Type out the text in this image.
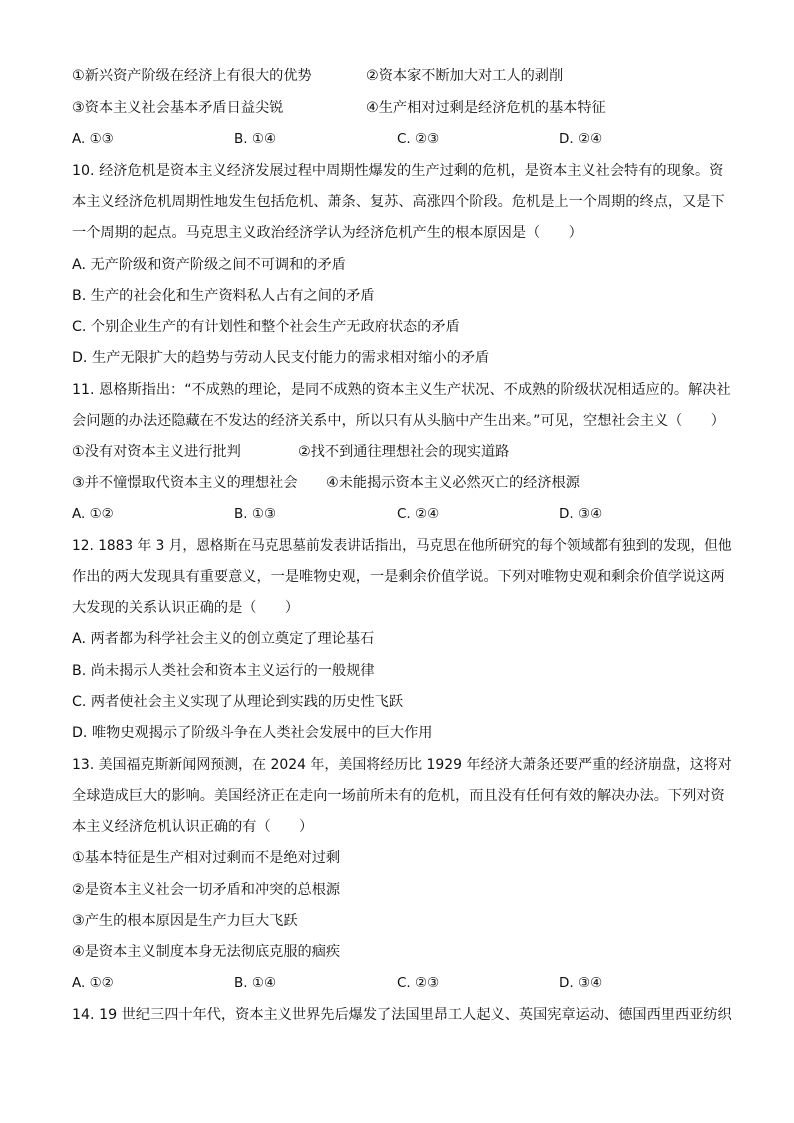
①新兴资产阶级在经济上有很大的优势	②资本家不断加大对工人的剥削
③资本主义社会基本矛盾日益尖锐	④生产相对过剩是经济危机的基本特征
A. ①③	B. ①④	C. ②③	D. ②④
10. 经济危机是资本主义经济发展过程中周期性爆发的生产过剩的危机，是资本主义社会特有的现象。资
本主义经济危机周期性地发生包括危机、萧条、复苏、高涨四个阶段。危机是上一个周期的终点，又是下
一个周期的起点。马克思主义政治经济学认为经济危机产生的根本原因是（　　）
A. 无产阶级和资产阶级之间不可调和的矛盾
B. 生产的社会化和生产资料私人占有之间的矛盾
C. 个别企业生产的有计划性和整个社会生产无政府状态的矛盾
D. 生产无限扩大的趋势与劳动人民支付能力的需求相对缩小的矛盾
11. 恩格斯指出：“不成熟的理论，是同不成熟的资本主义生产状况、不成熟的阶级状况相适应的。解决社
会问题的办法还隐藏在不发达的经济关系中，所以只有从头脑中产生出来。”可见，空想社会主义（　　）
①没有对资本主义进行批判	②找不到通往理想社会的现实道路
③并不憧憬取代资本主义的理想社会 ④未能揭示资本主义必然灭亡的经济根源
A. ①②	B. ①③	C. ②④	D. ③④
12. 1883 年 3 月，恩格斯在马克思墓前发表讲话指出，马克思在他所研究的每个领域都有独到的发现，但他
作出的两大发现具有重要意义，一是唯物史观，一是剩余价值学说。下列对唯物史观和剩余价值学说这两
大发现的关系认识正确的是（　　）
A. 两者都为科学社会主义的创立奠定了理论基石
B. 尚未揭示人类社会和资本主义运行的一般规律
C. 两者使社会主义实现了从理论到实践的历史性飞跃
D. 唯物史观揭示了阶级斗争在人类社会发展中的巨大作用
13. 美国福克斯新闻网预测，在 2024 年，美国将经历比 1929 年经济大萧条还要严重的经济崩盘，这将对
全球造成巨大的影响。美国经济正在走向一场前所未有的危机，而且没有任何有效的解决办法。下列对资
本主义经济危机认识正确的有（　　）
①基本特征是生产相对过剩而不是绝对过剩
②是资本主义社会一切矛盾和冲突的总根源
③产生的根本原因是生产力巨大飞跃
④是资本主义制度本身无法彻底克服的痼疾
A. ①②	B. ①④	C. ②③	D. ③④
14. 19 世纪三四十年代，资本主义世界先后爆发了法国里昂工人起义、英国宪章运动、德国西里西亚纺织
